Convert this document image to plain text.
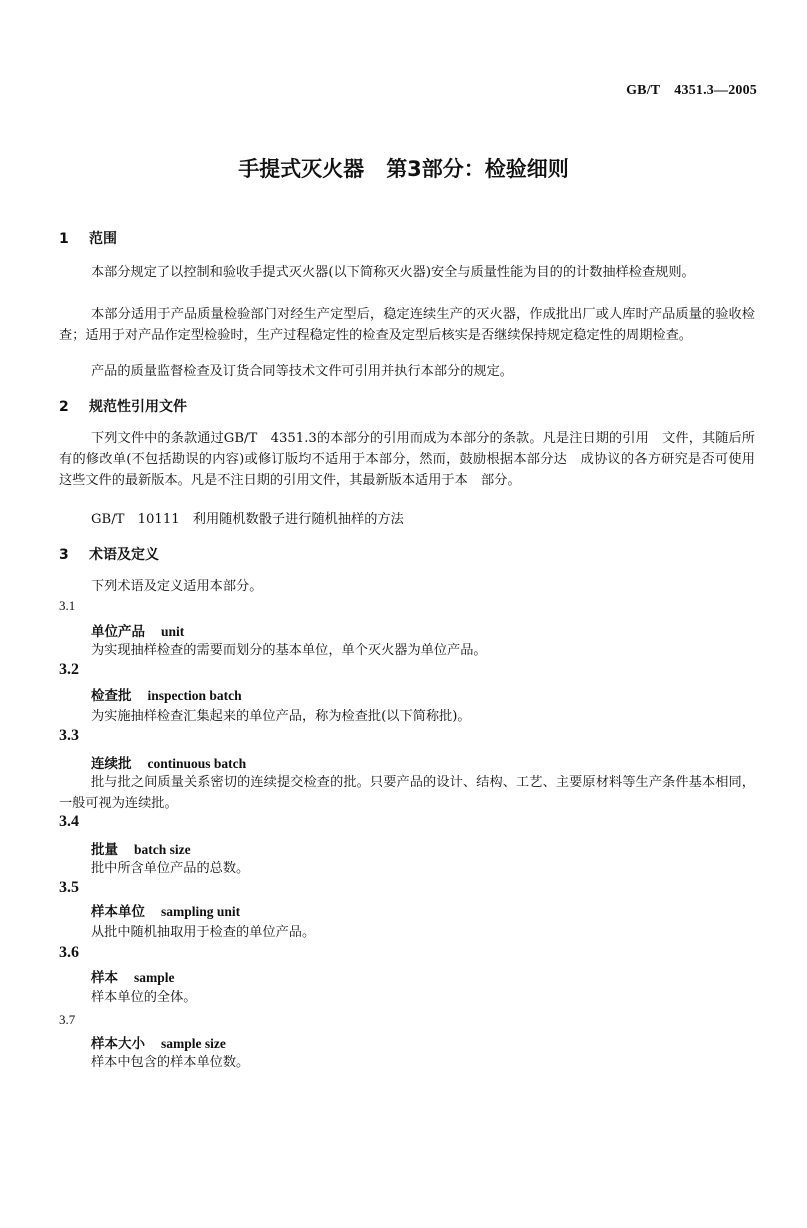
GB/T　4351.3—2005
手提式灭火器 第3部分：检验细则
1 范围

本部分规定了以控制和验收手提式灭火器(以下简称灭火器)安全与质量性能为目的的计数抽样检查规则。

本部分适用于产品质量检验部门对经生产定型后，稳定连续生产的灭火器，作成批出厂或人库时产品质量的验收检查；适用于对产品作定型检验时，生产过程稳定性的检查及定型后核实是否继续保持规定稳定性的周期检查。

产品的质量监督检查及订货合同等技术文件可引用并执行本部分的规定。

2 规范性引用文件

下列文件中的条款通过GB/T　4351.3的本部分的引用而成为本部分的条款。凡是注日期的引用　文件，其随后所有的修改单(不包括勘误的内容)或修订版均不适用于本部分，然而，鼓励根据本部分达　成协议的各方研究是否可使用这些文件的最新版本。凡是不注日期的引用文件，其最新版本适用于本　部分。

GB/T　10111　利用随机数骰子进行随机抽样的方法

3 术语及定义

下列术语及定义适用本部分。

3.1

单位产品 unit

为实现抽样检查的需要而划分的基本单位，单个灭火器为单位产品。

3.2

检查批 inspection batch

为实施抽样检查汇集起来的单位产品，称为检查批(以下简称批)。

3.3

连续批 continuous batch

批与批之间质量关系密切的连续提交检查的批。只要产品的设计、结构、工艺、主要原材料等生产条件基本相同，一般可视为连续批。

3.4

批量 batch size

批中所含单位产品的总数。

3.5

样本单位 sampling unit

从批中随机抽取用于检查的单位产品。

3.6

样本 sample

样本单位的全体。

3.7

样本大小 sample size

样本中包含的样本单位数。
